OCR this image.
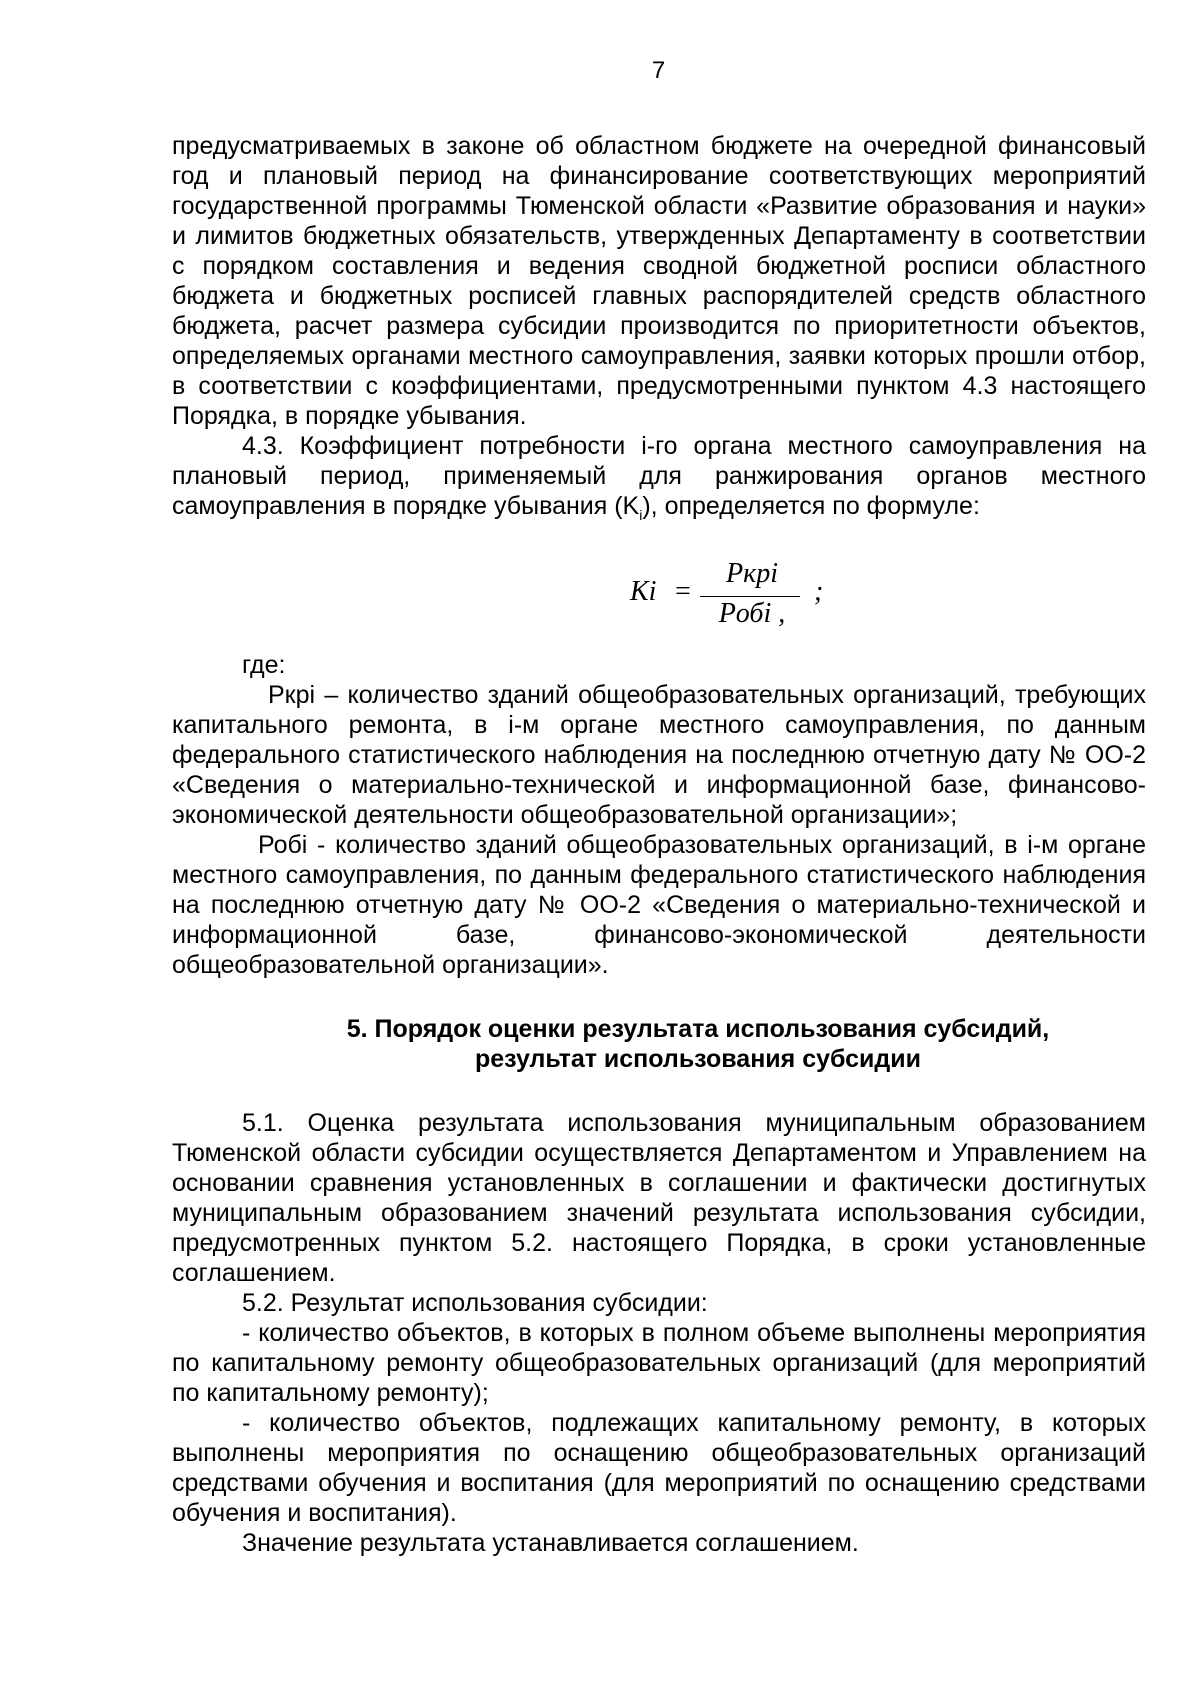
7

предусматриваемых в законе об областном бюджете на очередной финансовый год и плановый период на финансирование соответствующих мероприятий государственной программы Тюменской области «Развитие образования и науки» и лимитов бюджетных обязательств, утвержденных Департаменту в соответствии с порядком составления и ведения сводной бюджетной росписи областного бюджета и бюджетных росписей главных распорядителей средств областного бюджета, расчет размера субсидии производится по приоритетности объектов, определяемых органами местного самоуправления, заявки которых прошли отбор, в соответствии с коэффициентами, предусмотренными пунктом 4.3 настоящего Порядка, в порядке убывания.

4.3. Коэффициент потребности i-го органа местного самоуправления на плановый период, применяемый для ранжирования органов местного самоуправления в порядке убывания $(K_i)$, определяется по формуле:

Ki =
Pкрi
Pобi ,
;

где:

Ркрi – количество зданий общеобразовательных организаций, требующих капитального ремонта, в i-м органе местного самоуправления, по данным федерального статистического наблюдения на последнюю отчетную дату № ОО-2 «Сведения о материально-технической и информационной базе, финансово-экономической деятельности общеобразовательной организации»;

Робi - количество зданий общеобразовательных организаций, в i-м органе местного самоуправления, по данным федерального статистического наблюдения на последнюю отчетную дату № ОО-2 «Сведения о материально-технической и информационной базе, финансово-экономической деятельности общеобразовательной организации».

5. Порядок оценки результата использования субсидий,

результат использования субсидии

5.1. Оценка результата использования муниципальным образованием Тюменской области субсидии осуществляется Департаментом и Управлением на основании сравнения установленных в соглашении и фактически достигнутых муниципальным образованием значений результата использования субсидии, предусмотренных пунктом 5.2. настоящего Порядка, в сроки установленные соглашением.

5.2. Результат использования субсидии:

- количество объектов, в которых в полном объеме выполнены мероприятия по капитальному ремонту общеобразовательных организаций (для мероприятий по капитальному ремонту);

- количество объектов, подлежащих капитальному ремонту, в которых выполнены мероприятия по оснащению общеобразовательных организаций средствами обучения и воспитания (для мероприятий по оснащению средствами обучения и воспитания).

Значение результата устанавливается соглашением.
